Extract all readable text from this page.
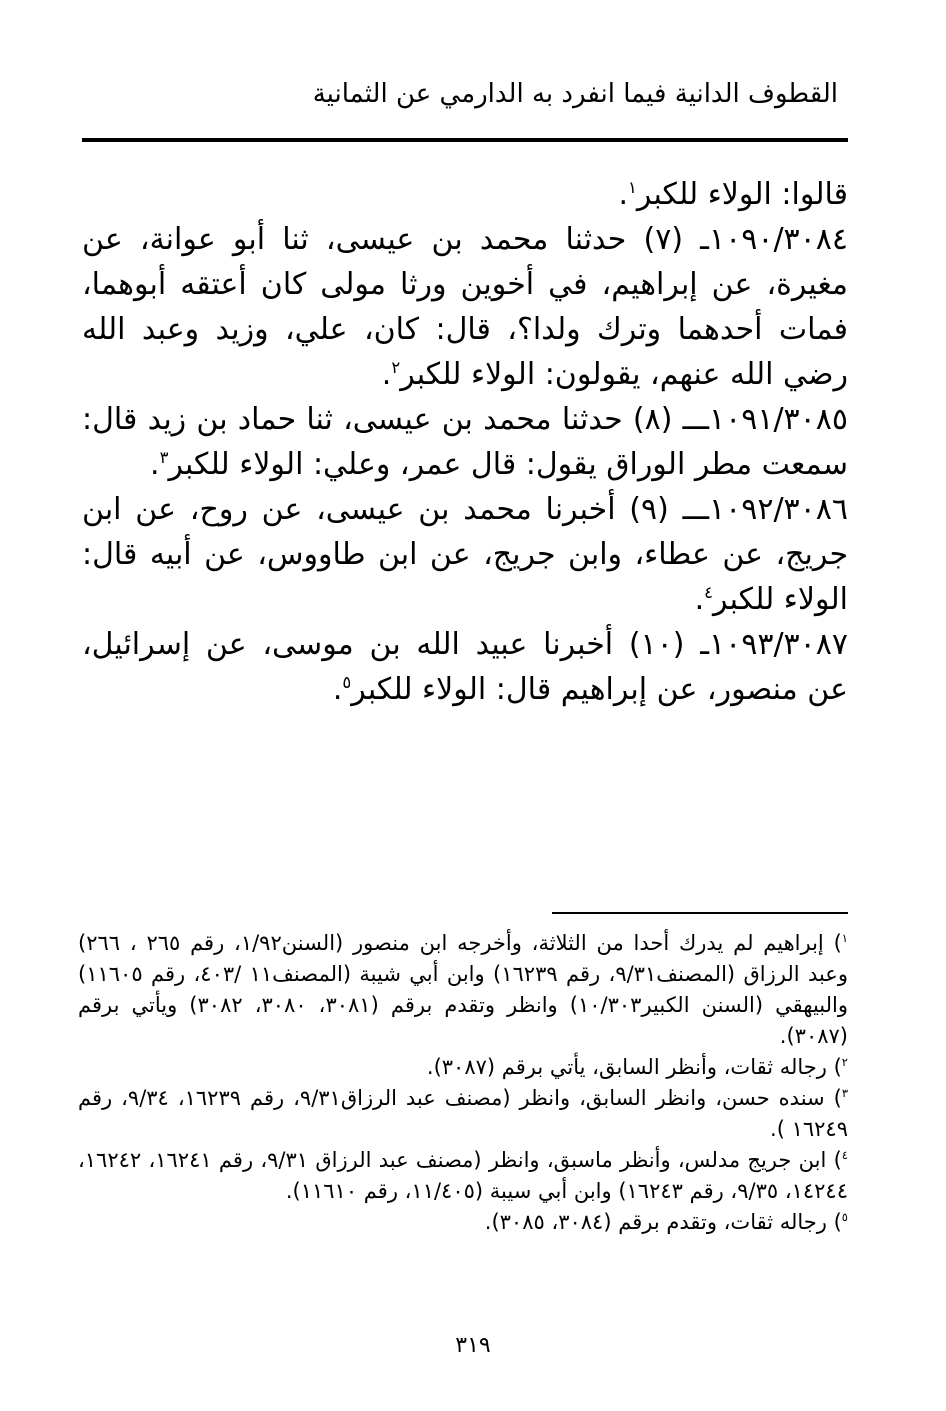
القطوف الدانية فيما انفرد به الدارمي عن الثمانية

قالوا: الولاء للكبر$^١$.

١٠٩٠/٣٠٨٤ـ (٧) حدثنا محمد بن عيسى، ثنا أبو عوانة، عن مغيرة، عن إبراهيم، في أخوين ورثا مولى كان أعتقه أبوهما، فمات أحدهما وترك ولدا؟، قال: كان، علي، وزيد وعبد الله رضي الله عنهم، يقولون: الولاء للكبر$^٢$.

١٠٩١/٣٠٨٥ـــ (٨) حدثنا محمد بن عيسى، ثنا حماد بن زيد قال: سمعت مطر الوراق يقول: قال عمر، وعلي: الولاء للكبر$^٣$.

١٠٩٢/٣٠٨٦ـــ (٩) أخبرنا محمد بن عيسى، عن روح، عن ابن جريج، عن عطاء، وابن جريج، عن ابن طاووس، عن أبيه قال: الولاء للكبر$^٤$.

١٠٩٣/٣٠٨٧ـ (١٠) أخبرنا عبيد الله بن موسى، عن إسرائيل، عن منصور، عن إبراهيم قال: الولاء للكبر$^٥$.

$^١$) إبراهيم لم يدرك أحدا من الثلاثة، وأخرجه ابن منصور (السنن١/٩٢، رقم ٢٦٥ ، ٢٦٦) وعبد الرزاق (المصنف٩/٣١، رقم ١٦٢٣٩) وابن أبي شيبة (المصنف١١ /٤٠٣، رقم ١١٦٠٥) والبيهقي (السنن الكبير١٠/٣٠٣) وانظر وتقدم برقم (٣٠٨١، ٣٠٨٠، ٣٠٨٢) ويأتي برقم (٣٠٨٧).

$^٢$) رجاله ثقات، وأنظر السابق، يأتي برقم (٣٠٨٧).

$^٣$) سنده حسن، وانظر السابق، وانظر (مصنف عبد الرزاق٩/٣١، رقم ١٦٢٣٩، ٩/٣٤، رقم ١٦٢٤٩ ).

$^٤$) ابن جريج مدلس، وأنظر ماسبق، وانظر (مصنف عبد الرزاق ٩/٣١، رقم ١٦٢٤١، ١٦٢٤٢، ١٤٢٤٤، ٩/٣٥، رقم ١٦٢٤٣) وابن أبي سيبة (١١/٤٠٥، رقم ١١٦١٠).

$^٥$) رجاله ثقات، وتقدم برقم (٣٠٨٤، ٣٠٨٥).

٣١٩
